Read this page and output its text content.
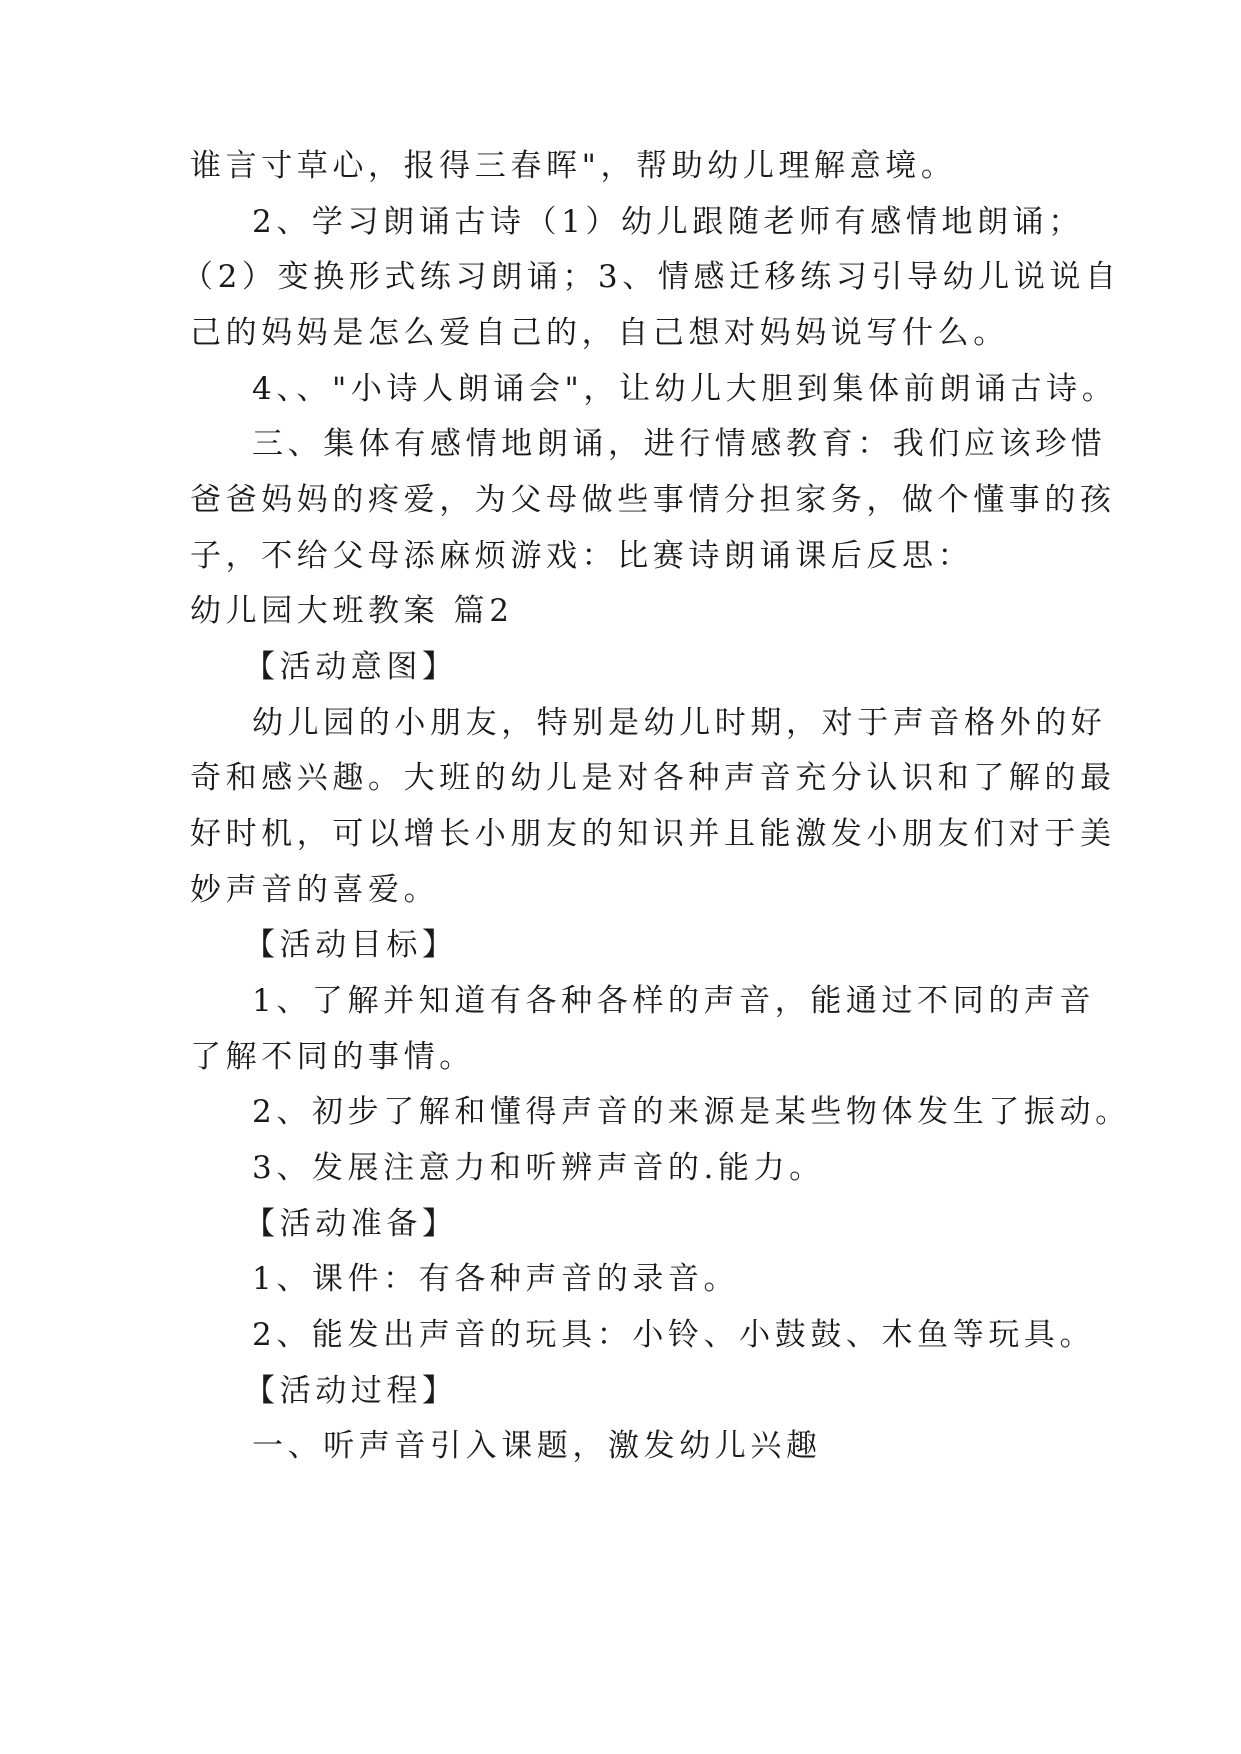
谁言寸草心，报得三春晖"，帮助幼儿理解意境。
2、学习朗诵古诗（1）幼儿跟随老师有感情地朗诵；
（2）变换形式练习朗诵；3、情感迁移练习引导幼儿说说自
己的妈妈是怎么爱自己的，自己想对妈妈说写什么。
4、、"小诗人朗诵会"，让幼儿大胆到集体前朗诵古诗。
三、集体有感情地朗诵，进行情感教育：我们应该珍惜
爸爸妈妈的疼爱，为父母做些事情分担家务，做个懂事的孩
子，不给父母添麻烦游戏：比赛诗朗诵课后反思：
幼儿园大班教案 篇2
【活动意图】
幼儿园的小朋友，特别是幼儿时期，对于声音格外的好
奇和感兴趣。大班的幼儿是对各种声音充分认识和了解的最
好时机，可以增长小朋友的知识并且能激发小朋友们对于美
妙声音的喜爱。
【活动目标】
1、了解并知道有各种各样的声音，能通过不同的声音
了解不同的事情。
2、初步了解和懂得声音的来源是某些物体发生了振动。
3、发展注意力和听辨声音的.能力。
【活动准备】
1、课件：有各种声音的录音。
2、能发出声音的玩具：小铃、小鼓鼓、木鱼等玩具。
【活动过程】
一、听声音引入课题，激发幼儿兴趣
